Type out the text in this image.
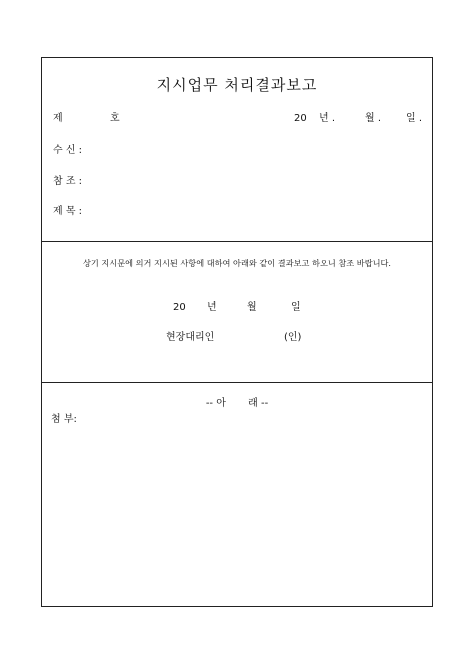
지시업무 처리결과보고
제	호	20 년 .	월 . 일 .
수 신 :
참 조 :
제 목 :
상기 지시문에 의거 지시된 사항에 대하여 아래와 같이 결과보고 하오니 참조 바랍니다.
20 년	월	일
현장대리인	(인)
-- 아       래 --
첨 부:
